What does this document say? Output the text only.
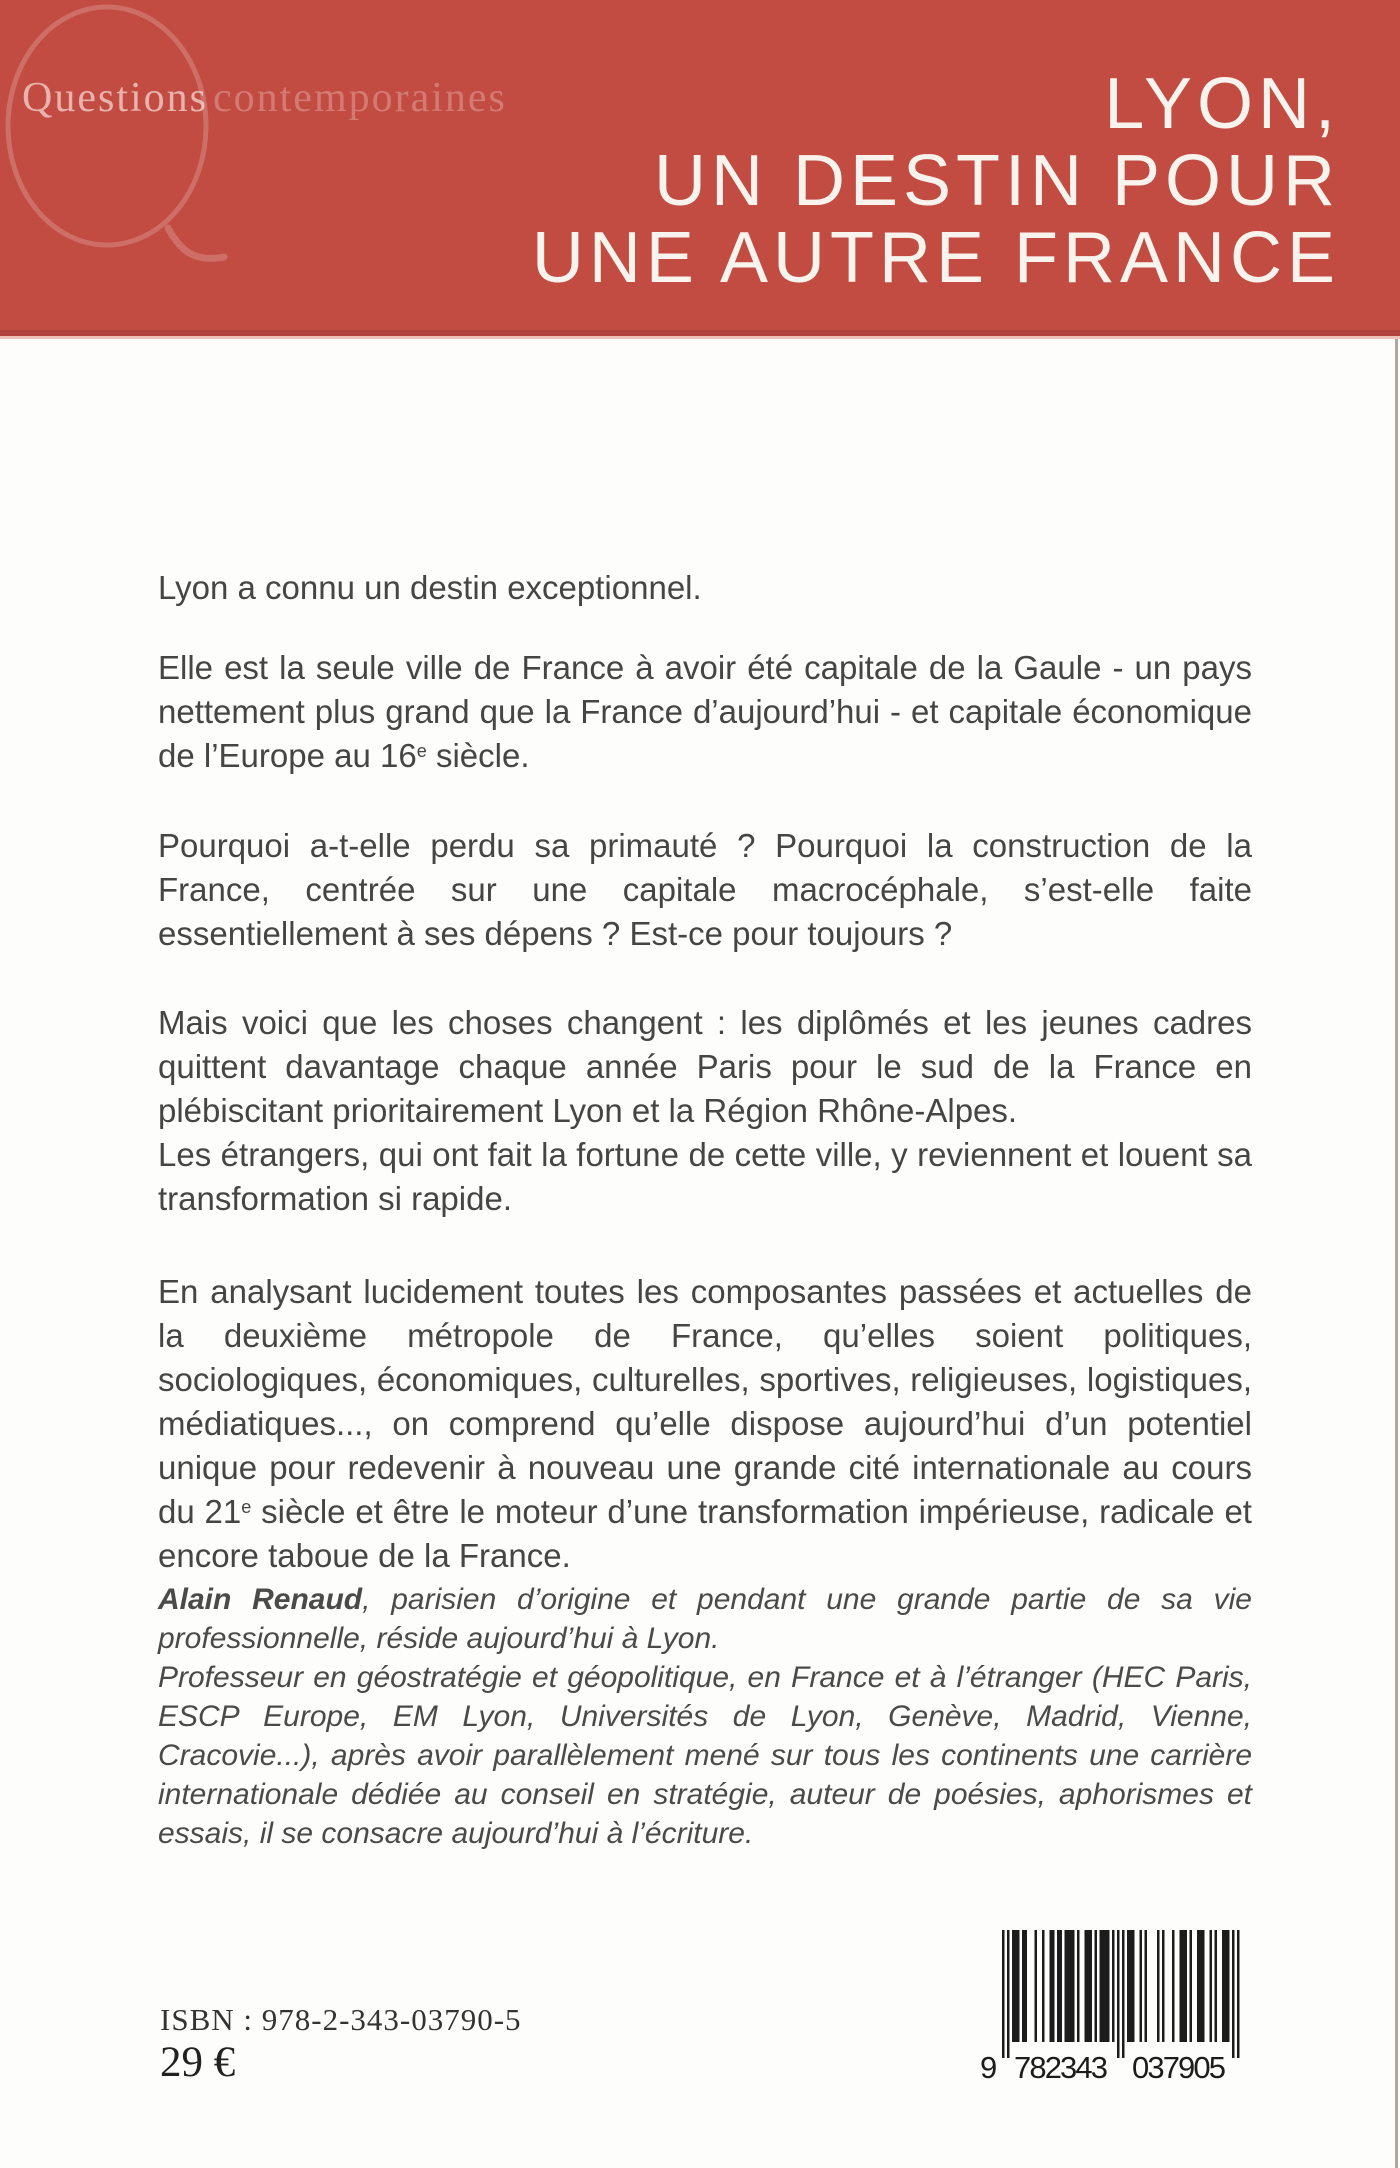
Questions contemporaines	LYON,
UN DESTIN POUR
UNE AUTRE FRANCE

Lyon a connu un destin exceptionnel.

Elle est la seule ville de France à avoir été capitale de la Gaule - un pays nettement plus grand que la France d’aujourd’hui - et capitale économique de l’Europe au 16e siècle.

Pourquoi a-t-elle perdu sa primauté ? Pourquoi la construction de la France, centrée sur une capitale macrocéphale, s’est-elle faite essentiellement à ses dépens ? Est-ce pour toujours ?

Mais voici que les choses changent : les diplômés et les jeunes cadres quittent davantage chaque année Paris pour le sud de la France en plébiscitant prioritairement Lyon et la Région Rhône-Alpes.

Les étrangers, qui ont fait la fortune de cette ville, y reviennent et louent sa transformation si rapide.

En analysant lucidement toutes les composantes passées et actuelles de la deuxième métropole de France, qu’elles soient politiques, sociologiques, économiques, culturelles, sportives, religieuses, logistiques, médiatiques..., on comprend qu’elle dispose aujourd’hui d’un potentiel unique pour redevenir à nouveau une grande cité internationale au cours du 21e siècle et être le moteur d’une transformation impérieuse, radicale et encore taboue de la France.

Alain Renaud, parisien d’origine et pendant une grande partie de sa vie professionnelle, réside aujourd’hui à Lyon.

Professeur en géostratégie et géopolitique, en France et à l’étranger (HEC Paris, ESCP Europe, EM Lyon, Universités de Lyon, Genève, Madrid, Vienne, Cracovie...), après avoir parallèlement mené sur tous les continents une carrière internationale dédiée au conseil en stratégie, auteur de poésies, aphorismes et essais, il se consacre aujourd’hui à l’écriture.

ISBN : 978-2-343-03790-5
29 €	9 782343 037905
